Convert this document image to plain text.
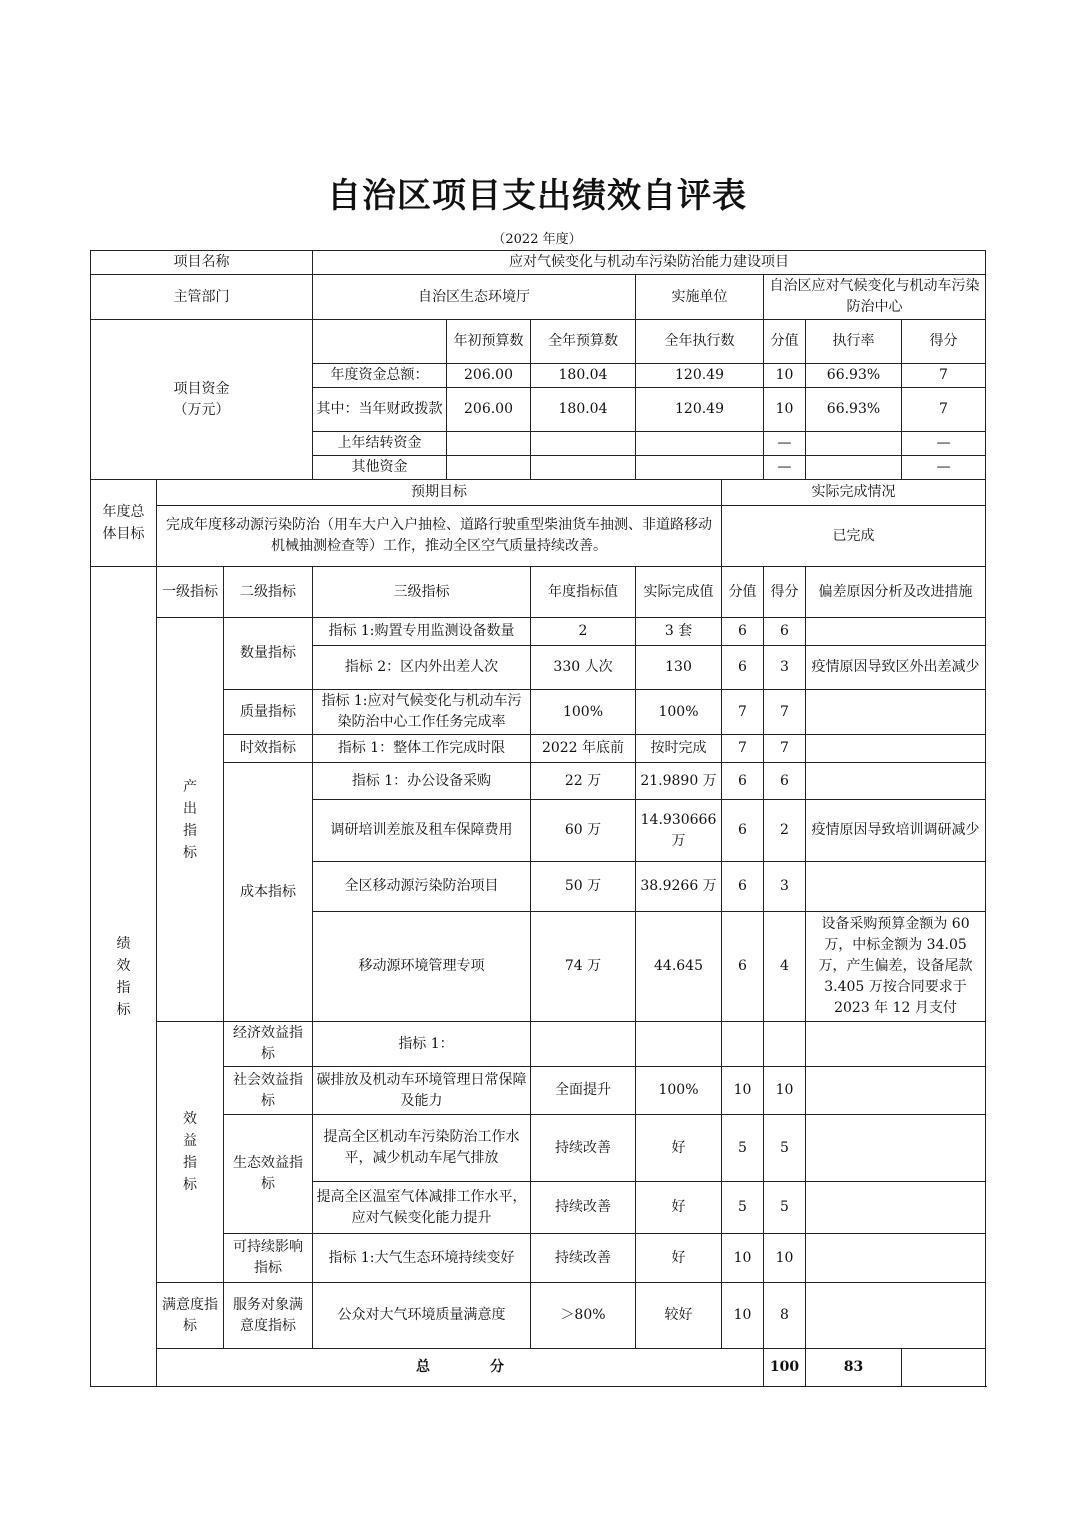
自治区项目支出绩效自评表
（2022 年度）
项目名称			应对气候变化与机动车污染防治能力建设项目							
主管部门			自治区生态环境厅			实施单位		自治区应对气候变化与机动车污染防治中心		
项目资金
（万元）				年初预算数	全年预算数	全年执行数		分值	执行率	得分
			年度资金总额：	206.00	180.04	120.49		10	66.93%	7
			其中：当年财政拨款	206.00	180.04	120.49		10	66.93%	7
			上年结转资金					—		—
			其他资金					—		—
年度总体目标	预期目标						实际完成情况			
	完成年度移动源污染防治（用车大户入户抽检、道路行驶重型柴油货车抽测、非道路移动机械抽测检查等）工作，推动全区空气质量持续改善。						已完成			
绩效指标	一级指标	二级指标	三级指标		年度指标值	实际完成值	分值	得分	偏差原因分析及改进措施	
	产出指标	数量指标	指标 1:购置专用监测设备数量		2	3 套	6	6		
			指标 2：区内外出差人次		330 人次	130	6	3	疫情原因导致区外出差减少	
		质量指标	指标 1:应对气候变化与机动车污染防治中心工作任务完成率		100%	100%	7	7		
		时效指标	指标 1：整体工作完成时限		2022 年底前	按时完成	7	7		
		成本指标	指标 1：办公设备采购		22 万	21.9890 万	6	6		
			调研培训差旅及租车保障费用		60 万	14.930666 万	6	2	疫情原因导致培训调研减少	
			全区移动源污染防治项目		50 万	38.9266 万	6	3		
			移动源环境管理专项		74 万	44.645	6	4	设备采购预算金额为 60 万，中标金额为 34.05 万，产生偏差，设备尾款 3.405 万按合同要求于 2023 年 12 月支付	
	效益指标	经济效益指标	指标 1：							
		社会效益指标	碳排放及机动车环境管理日常保障及能力		全面提升	100%	10	10		
		生态效益指标	提高全区机动车污染防治工作水平，减少机动车尾气排放		持续改善	好	5	5		
			提高全区温室气体减排工作水平，应对气候变化能力提升		持续改善	好	5	5		
		可持续影响指标	指标 1:大气生态环境持续变好		持续改善	好	10	10		
	满意度指标	服务对象满意度指标	公众对大气环境质量满意度		＞80%	较好	10	8		
	总 分							100	83	
